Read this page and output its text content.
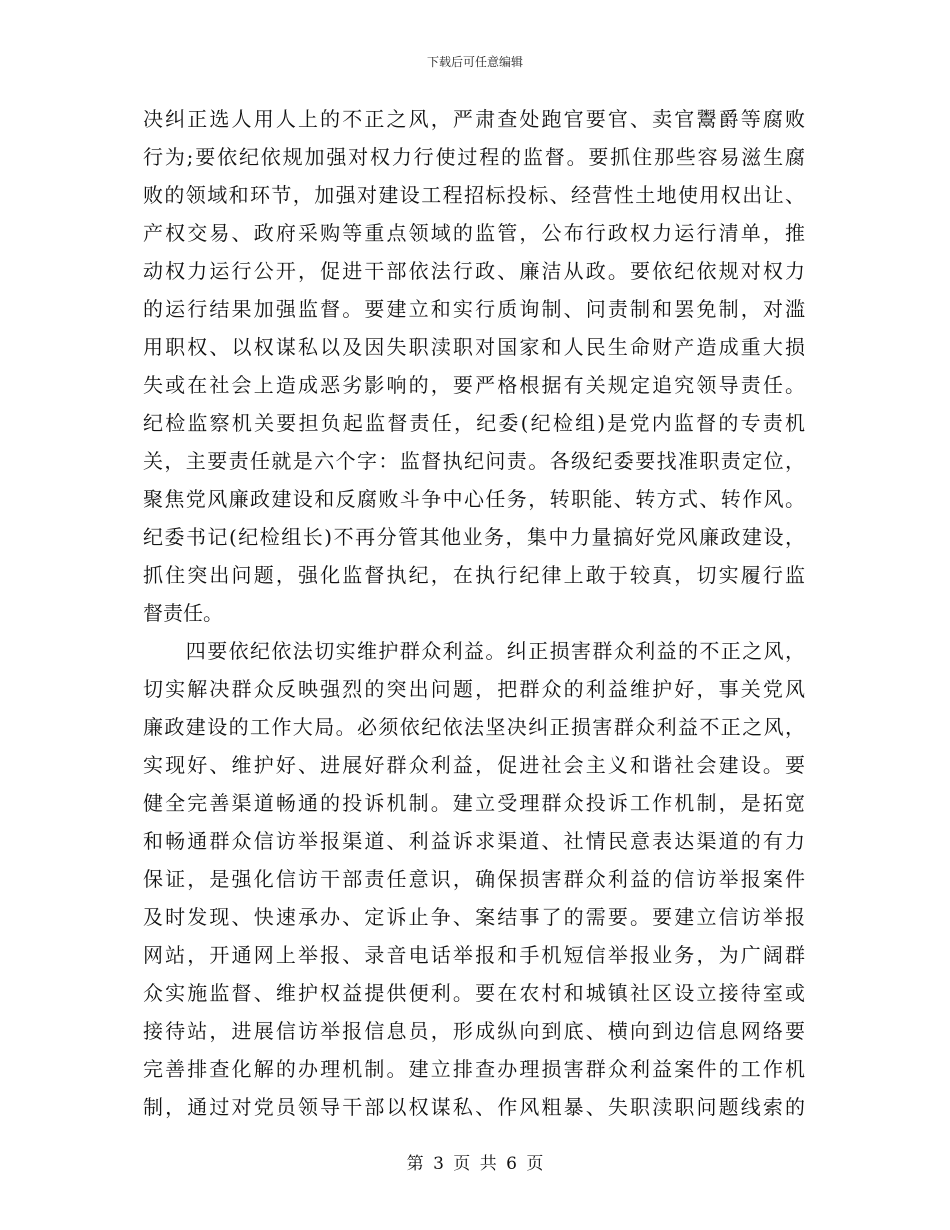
下载后可任意编辑
决纠正选人用人上的不正之风，严肃查处跑官要官、卖官鬻爵等腐败
行为;要依纪依规加强对权力行使过程的监督。要抓住那些容易滋生腐
败的领域和环节，加强对建设工程招标投标、经营性土地使用权出让、
产权交易、政府采购等重点领域的监管，公布行政权力运行清单，推
动权力运行公开，促进干部依法行政、廉洁从政。要依纪依规对权力
的运行结果加强监督。要建立和实行质询制、问责制和罢免制，对滥
用职权、以权谋私以及因失职渎职对国家和人民生命财产造成重大损
失或在社会上造成恶劣影响的，要严格根据有关规定追究领导责任。
纪检监察机关要担负起监督责任，纪委(纪检组)是党内监督的专责机
关，主要责任就是六个字：监督执纪问责。各级纪委要找准职责定位，
聚焦党风廉政建设和反腐败斗争中心任务，转职能、转方式、转作风。
纪委书记(纪检组长)不再分管其他业务，集中力量搞好党风廉政建设，
抓住突出问题，强化监督执纪，在执行纪律上敢于较真，切实履行监
督责任。
　　四要依纪依法切实维护群众利益。纠正损害群众利益的不正之风，
切实解决群众反映强烈的突出问题，把群众的利益维护好，事关党风
廉政建设的工作大局。必须依纪依法坚决纠正损害群众利益不正之风，
实现好、维护好、进展好群众利益，促进社会主义和谐社会建设。要
健全完善渠道畅通的投诉机制。建立受理群众投诉工作机制，是拓宽
和畅通群众信访举报渠道、利益诉求渠道、社情民意表达渠道的有力
保证，是强化信访干部责任意识，确保损害群众利益的信访举报案件
及时发现、快速承办、定诉止争、案结事了的需要。要建立信访举报
网站，开通网上举报、录音电话举报和手机短信举报业务，为广阔群
众实施监督、维护权益提供便利。要在农村和城镇社区设立接待室或
接待站，进展信访举报信息员，形成纵向到底、横向到边信息网络要
完善排查化解的办理机制。建立排查办理损害群众利益案件的工作机
制，通过对党员领导干部以权谋私、作风粗暴、失职渎职问题线索的
第 3 页 共 6 页
